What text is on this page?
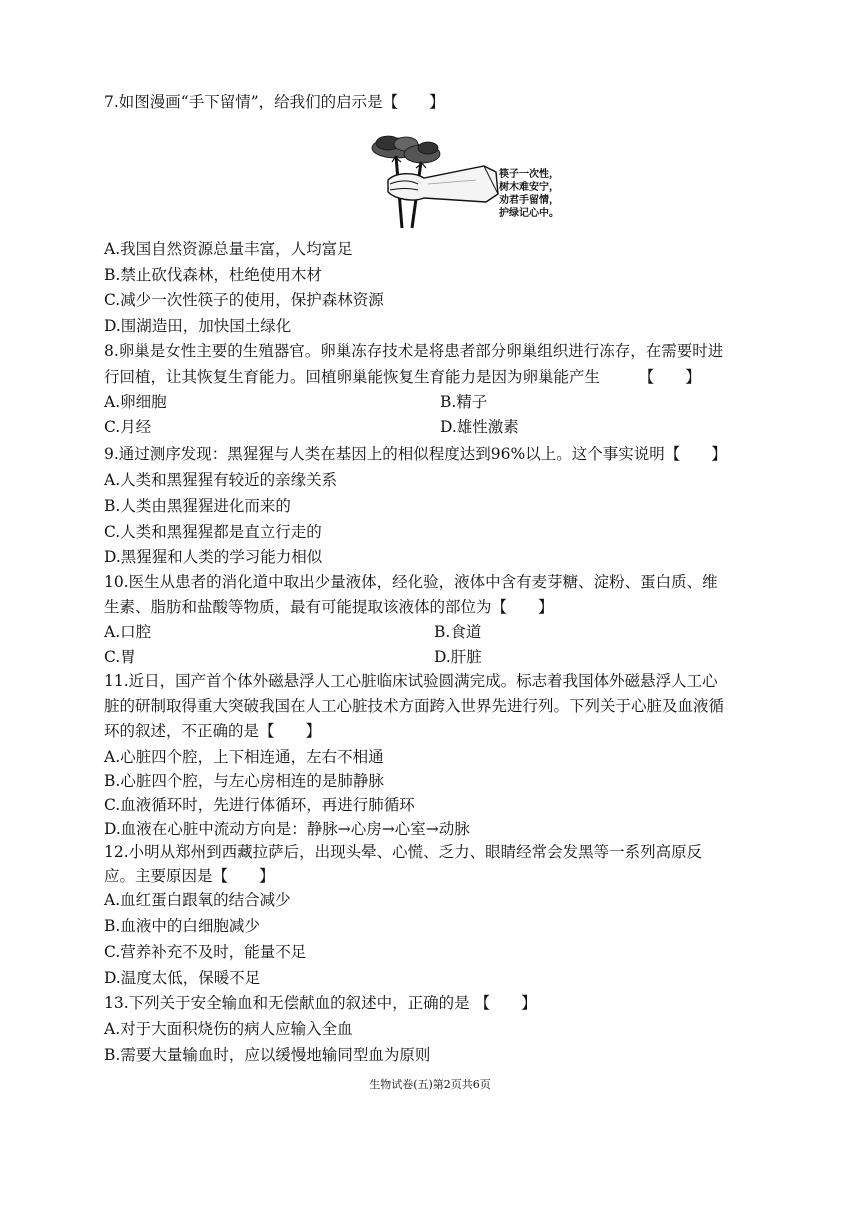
7.如图漫画“手下留情”，给我们的启示是【　　】
筷子一次性，
树木难安宁，
劝君手留情，
护绿记心中。
A.我国自然资源总量丰富，人均富足
B.禁止砍伐森林，杜绝使用木材
C.减少一次性筷子的使用，保护森林资源
D.围湖造田，加快国土绿化
8.卵巢是女性主要的生殖器官。卵巢冻存技术是将患者部分卵巢组织进行冻存，在需要时进
行回植，让其恢复生育能力。回植卵巢能恢复生育能力是因为卵巢能产生　　　【　　】
A.卵细胞	B.精子
C.月经	D.雄性激素
9.通过测序发现：黑猩猩与人类在基因上的相似程度达到96%以上。这个事实说明【　　】
A.人类和黑猩猩有较近的亲缘关系
B.人类由黑猩猩进化而来的
C.人类和黑猩猩都是直立行走的
D.黑猩猩和人类的学习能力相似
10.医生从患者的消化道中取出少量液体，经化验，液体中含有麦芽糖、淀粉、蛋白质、维
生素、脂肪和盐酸等物质，最有可能提取该液体的部位为【　　】
A.口腔	B.食道
C.胃	D.肝脏
11.近日，国产首个体外磁悬浮人工心脏临床试验圆满完成。标志着我国体外磁悬浮人工心
脏的研制取得重大突破我国在人工心脏技术方面跨入世界先进行列。下列关于心脏及血液循
环的叙述，不正确的是【　　】
A.心脏四个腔，上下相连通，左右不相通
B.心脏四个腔，与左心房相连的是肺静脉
C.血液循环时，先进行体循环，再进行肺循环
D.血液在心脏中流动方向是：静脉→心房→心室→动脉
12.小明从郑州到西藏拉萨后，出现头晕、心慌、乏力、眼睛经常会发黑等一系列高原反
应。主要原因是【　　】
A.血红蛋白跟氧的结合减少
B.血液中的白细胞减少
C.营养补充不及时，能量不足
D.温度太低，保暖不足
13.下列关于安全输血和无偿献血的叙述中，正确的是 【　　】
A.对于大面积烧伤的病人应输入全血
B.需要大量输血时，应以缓慢地输同型血为原则
生物试卷(五)第2页共6页
